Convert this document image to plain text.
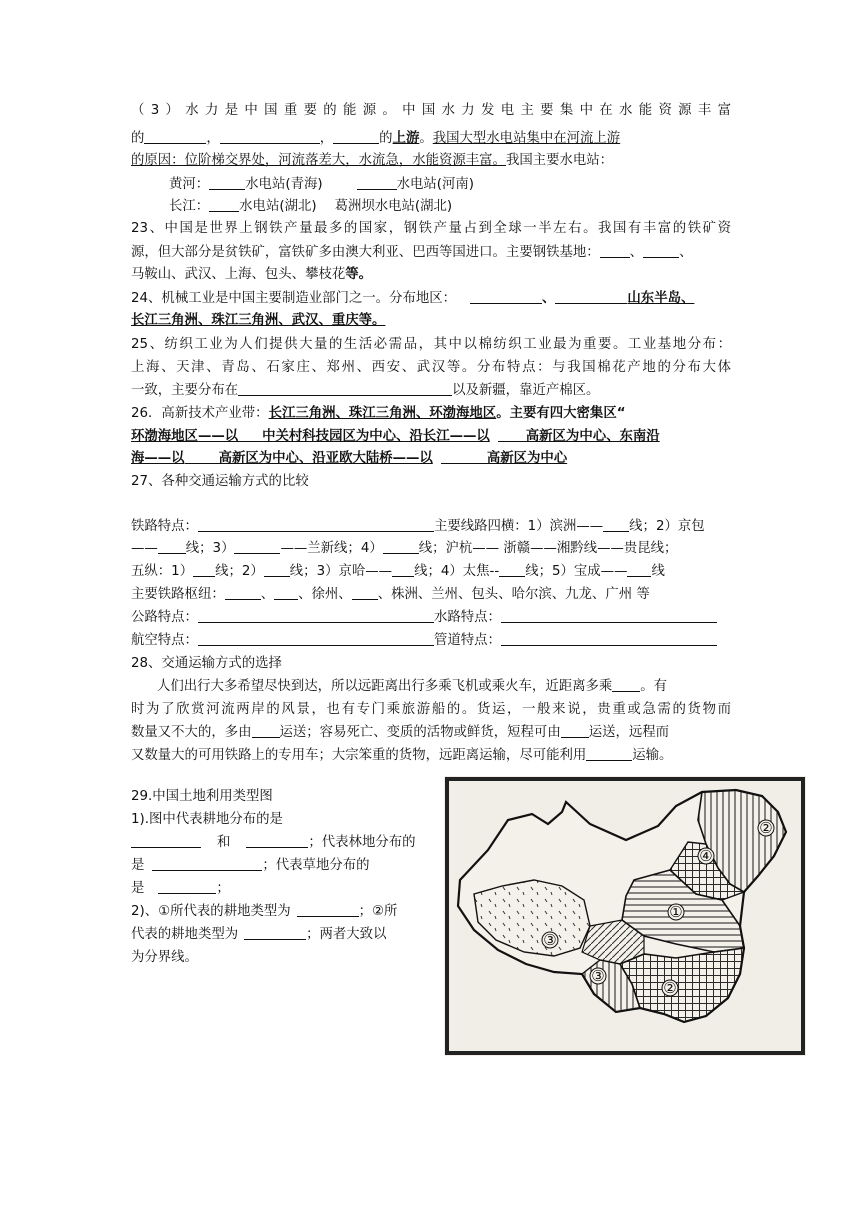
（3）水力是中国重要的能源。中国水力发电主要集中在水能资源丰富
的	，	，	的上游。我国大型水电站集中在河流上游
的原因：位阶梯交界处，河流落差大，水流急，水能资源丰富。我国主要水电站：
黄河：	水电站(青海)	水电站(河南)
长江： 水电站(湖北) 葛洲坝水电站(湖北)
23、中国是世界上钢铁产量最多的国家，钢铁产量占到全球一半左右。我国有丰富的铁矿资
源，但大部分是贫铁矿，富铁矿多由澳大利亚、巴西等国进口。主要钢铁基地： 、	、
马鞍山、武汉、上海、包头、攀枝花等。
24、机械工业是中国主要制造业部门之一。分布地区：	、	山东半岛、
长江三角洲、珠江三角洲、武汉、重庆等。
25、纺织工业为人们提供大量的生活必需品，其中以棉纺织工业最为重要。工业基地分布：
上海、天津、青岛、石家庄、郑州、西安、武汉等。分布特点：与我国棉花产地的分布大体
一致，主要分布在	以及新疆，靠近产棉区。
26．高新技术产业带：长江三角洲、珠江三角洲、环渤海地区。主要有四大密集区“
环渤海地区——以 中关村科技园区为中心、沿长江——以	高新区为中心、东南沿
海——以	高新区为中心、沿亚欧大陆桥——以	高新区为中心
27、各种交通运输方式的比较
铁路特点：	主要线路四横：1）滨洲—— 线；2）京包
—— 线；3）	——兰新线；4）	线；沪杭—— 浙赣——湘黔线——贵昆线；
五纵：1） 线；2） 线；3）京哈—— 线；4）太焦-- 线；5）宝成—— 线
主要铁路枢纽：	、 、徐州、 、株洲、兰州、包头、哈尔滨、九龙、广州 等
公路特点：	水路特点：
航空特点：	管道特点：
28、交通运输方式的选择
人们出行大多希望尽快到达，所以远距离出行多乘飞机或乘火车，近距离多乘 。有
时为了欣赏河流两岸的风景，也有专门乘旅游船的。货运，一般来说，贵重或急需的货物而
数量又不大的，多由 运送；容易死亡、变质的活物或鲜货，短程可由 运送，远程而
又数量大的可用铁路上的专用车；大宗笨重的货物，远距离运输，尽可能利用	运输。
29.中国土地利用类型图
1).图中代表耕地分布的是
和	；代表林地分布的
是	；代表草地分布的
是	；
2)、①所代表的耕地类型为	；②所
代表的耕地类型为	；两者大致以
为分界线。
①
②
③
④
②
③
